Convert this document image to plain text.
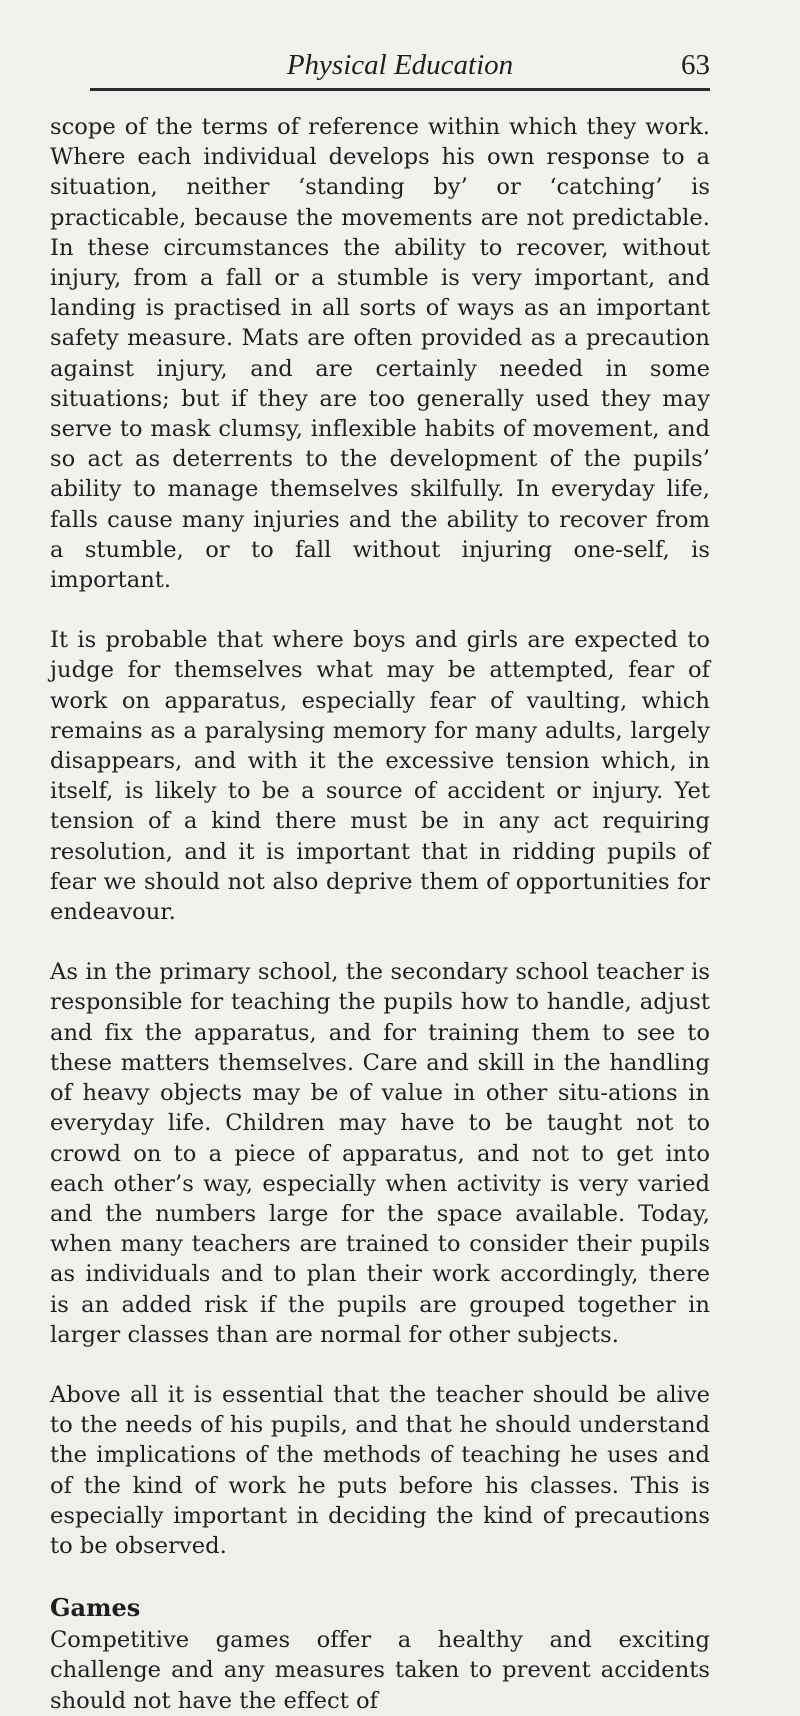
Physical Education	63

scope of the terms of reference within which they work. Where each individual develops his own response to a situation, neither ‘standing by’ or ‘catching’ is practicable, because the movements are not predictable. In these circumstances the ability to recover, without injury, from a fall or a stumble is very important, and landing is practised in all sorts of ways as an important safety measure. Mats are often provided as a precaution against injury, and are certainly needed in some situations; but if they are too generally used they may serve to mask clumsy, inflexible habits of movement, and so act as deterrents to the development of the pupils’ ability to manage themselves skilfully. In everyday life, falls cause many injuries and the ability to recover from a stumble, or to fall without injuring one-self, is important.

It is probable that where boys and girls are expected to judge for themselves what may be attempted, fear of work on apparatus, especially fear of vaulting, which remains as a paralysing memory for many adults, largely disappears, and with it the excessive tension which, in itself, is likely to be a source of accident or injury. Yet tension of a kind there must be in any act requiring resolution, and it is important that in ridding pupils of fear we should not also deprive them of opportunities for endeavour.

As in the primary school, the secondary school teacher is responsible for teaching the pupils how to handle, adjust and fix the apparatus, and for training them to see to these matters themselves. Care and skill in the handling of heavy objects may be of value in other situ-ations in everyday life. Children may have to be taught not to crowd on to a piece of apparatus, and not to get into each other’s way, especially when activity is very varied and the numbers large for the space available. Today, when many teachers are trained to consider their pupils as individuals and to plan their work accordingly, there is an added risk if the pupils are grouped together in larger classes than are normal for other subjects.

Above all it is essential that the teacher should be alive to the needs of his pupils, and that he should understand the implications of the methods of teaching he uses and of the kind of work he puts before his classes. This is especially important in deciding the kind of precautions to be observed.

Games

Competitive games offer a healthy and exciting challenge and any measures taken to prevent accidents should not have the effect of
